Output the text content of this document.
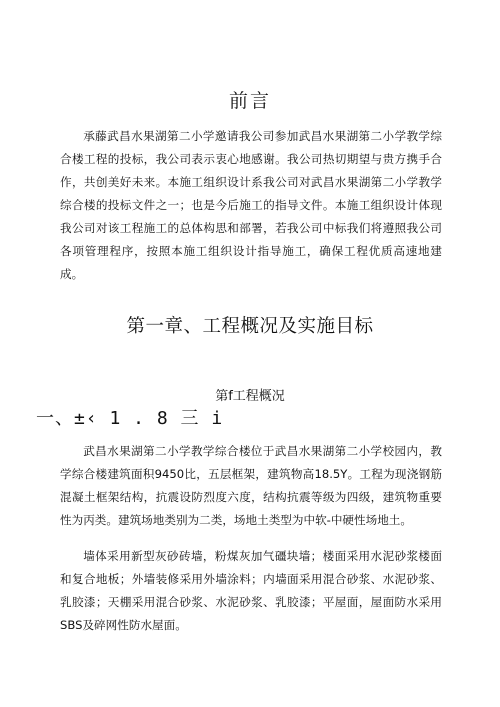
前言

承藤武昌水果湖第二小学邀请我公司参加武昌水果湖第二小学教学综合楼工程的投标，我公司表示衷心地感谢。我公司热切期望与贵方携手合作，共创美好未来。本施工组织设计系我公司对武昌水果湖第二小学教学综合楼的投标文件之一；也是今后施工的指导文件。本施工组织设计体现我公司对该工程施工的总体构思和部署，若我公司中标我们将遵照我公司各项管理程序，按照本施工组织设计指导施工，确保工程优质高速地建成。

第一章、工程概况及实施目标
第f工程概况
一、±‹ 1 . 8 三 i

武昌水果湖第二小学教学综合楼位于武昌水果湖第二小学校园内，教学综合楼建筑面积9450比，五层框架，建筑物高18.5Y。工程为现浇钢筋混凝土框架结构，抗震设防烈度六度，结构抗震等级为四级，建筑物重要性为丙类。建筑场地类别为二类，场地土类型为中软-中硬性场地土。

墙体采用新型灰砂砖墙，粉煤灰加气礓块墙；楼面采用水泥砂浆楼面和复合地板；外墙装修采用外墙涂料；内墙面采用混合砂浆、水泥砂浆、乳胶漆；天棚采用混合砂浆、水泥砂浆、乳胶漆；平屋面，屋面防水采用SBS及碎网性防水屋面。
